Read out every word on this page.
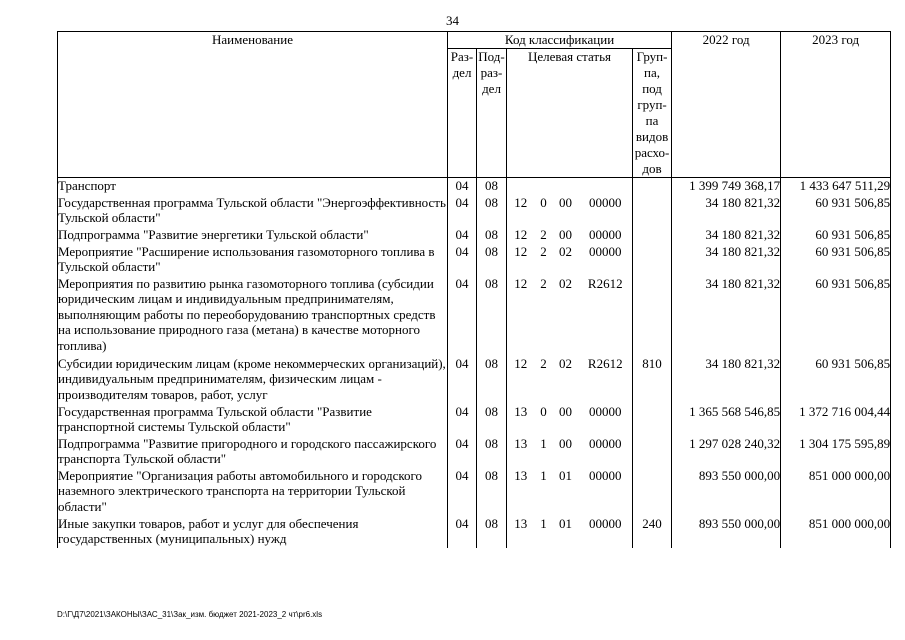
34
Наименование	Код классификации							2022 год	2023 год
	Раз-дел	Под-раз-дел	Целевая статья				Груп-па, под груп-па видов расхо-дов		
Транспорт	04	08						1 399 749 368,17	1 433 647 511,29
Государственная программа Тульской области "Энергоэффективность Тульской области"	04	08	12	0	00	00000		34 180 821,32	60 931 506,85
Подпрограмма "Развитие энергетики Тульской области"	04	08	12	2	00	00000		34 180 821,32	60 931 506,85
Мероприятие "Расширение использования газомоторного топлива в Тульской области"	04	08	12	2	02	00000		34 180 821,32	60 931 506,85
Мероприятия по развитию рынка газомоторного топлива (субсидии юридическим лицам и индивидуальным предпринимателям, выполняющим работы по переоборудованию транспортных средств на использование природного газа (метана) в качестве моторного топлива)	04	08	12	2	02	R2612		34 180 821,32	60 931 506,85
Субсидии юридическим лицам (кроме некоммерческих организаций), индивидуальным предпринимателям, физическим лицам - производителям товаров, работ, услуг	04	08	12	2	02	R2612	810	34 180 821,32	60 931 506,85
Государственная программа Тульской области "Развитие транспортной системы Тульской области"	04	08	13	0	00	00000		1 365 568 546,85	1 372 716 004,44
Подпрограмма "Развитие пригородного и городского пассажирского транспорта Тульской области"	04	08	13	1	00	00000		1 297 028 240,32	1 304 175 595,89
Мероприятие "Организация работы автомобильного и городского наземного электрического транспорта на территории Тульской области"	04	08	13	1	01	00000		893 550 000,00	851 000 000,00
Иные закупки товаров, работ и услуг для обеспечения государственных (муниципальных) нужд	04	08	13	1	01	00000	240	893 550 000,00	851 000 000,00
D:\Г\Д7\2021\ЗАКОНЫ\ЗАС_31\Зак_изм. бюджет 2021-2023_2 чт\pr6.xls
